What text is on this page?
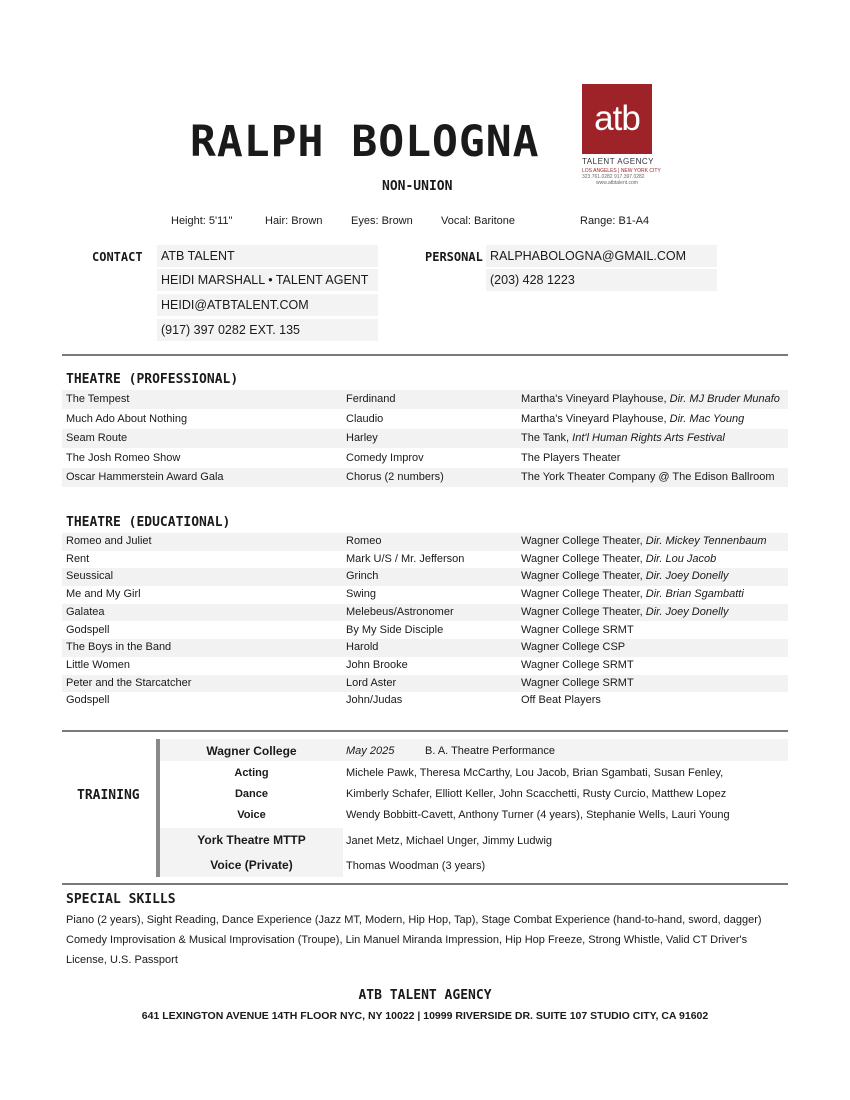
RALPH BOLOGNA
NON-UNION
Height: 5'11"	Hair: Brown	Eyes: Brown	Vocal: Baritone	Range: B1-A4
atb
TALENT AGENCY
LOS ANGELES | NEW YORK CITY
323.761.0282 917.397.0282
www.atbtalent.com
CONTACT	ATB TALENT
HEIDI MARSHALL • TALENT AGENT
HEIDI@ATBTALENT.COM
(917) 397 0282 EXT. 135
PERSONAL RALPHABOLOGNA@GMAIL.COM
(203) 428 1223
THEATRE (PROFESSIONAL)
The Tempest	Ferdinand	Martha's Vineyard Playhouse, Dir. MJ Bruder Munafo
Much Ado About Nothing	Claudio	Martha's Vineyard Playhouse, Dir. Mac Young
Seam Route	Harley	The Tank, Int'l Human Rights Arts Festival
The Josh Romeo Show	Comedy Improv	The Players Theater
Oscar Hammerstein Award Gala	Chorus (2 numbers)	The York Theater Company @ The Edison Ballroom
THEATRE (EDUCATIONAL)
Romeo and Juliet	Romeo	Wagner College Theater, Dir. Mickey Tennenbaum
Rent	Mark U/S / Mr. Jefferson	Wagner College Theater, Dir. Lou Jacob
Seussical	Grinch	Wagner College Theater, Dir. Joey Donelly
Me and My Girl	Swing	Wagner College Theater, Dir. Brian Sgambatti
Galatea	Melebeus/Astronomer	Wagner College Theater, Dir. Joey Donelly
Godspell	By My Side Disciple	Wagner College SRMT
The Boys in the Band	Harold	Wagner College CSP
Little Women	John Brooke	Wagner College SRMT
Peter and the Starcatcher	Lord Aster	Wagner College SRMT
Godspell	John/Judas	Off Beat Players
TRAINING
Wagner College	May 2025	B. A. Theatre Performance
Acting	Michele Pawk, Theresa McCarthy, Lou Jacob, Brian Sgambati, Susan Fenley,
Dance	Kimberly Schafer, Elliott Keller, John Scacchetti, Rusty Curcio, Matthew Lopez
Voice	Wendy Bobbitt-Cavett, Anthony Turner (4 years), Stephanie Wells, Lauri Young
York Theatre MTTP	Janet Metz, Michael Unger, Jimmy Ludwig
Voice (Private)	Thomas Woodman (3 years)
SPECIAL SKILLS
Piano (2 years), Sight Reading, Dance Experience (Jazz MT, Modern, Hip Hop, Tap), Stage Combat Experience (hand-to-hand, sword, dagger) Comedy Improvisation & Musical Improvisation (Troupe), Lin Manuel Miranda Impression, Hip Hop Freeze, Strong Whistle, Valid CT Driver's License, U.S. Passport
ATB TALENT AGENCY
641 LEXINGTON AVENUE 14TH FLOOR NYC, NY 10022 | 10999 RIVERSIDE DR. SUITE 107 STUDIO CITY, CA 91602
